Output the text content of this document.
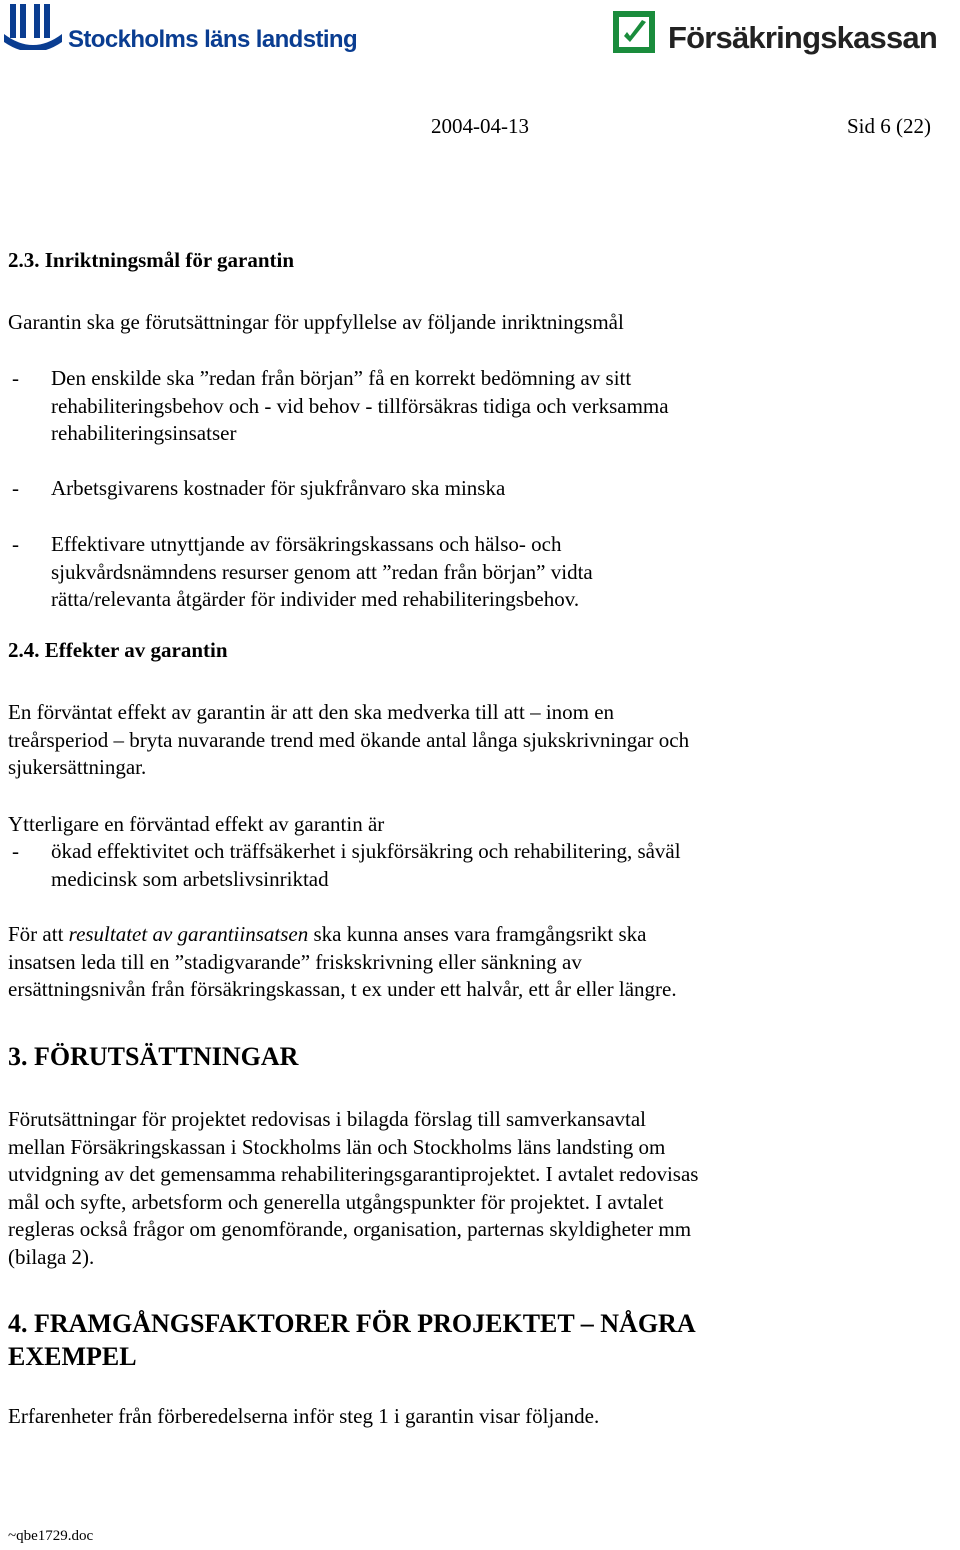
Stockholms läns landsting	Försäkringskassan
2004-04-13	Sid 6 (22)
2.3. Inriktningsmål för garantin
Garantin ska ge förutsättningar för uppfyllelse av följande inriktningsmål
- Den enskilde ska ”redan från början” få en korrekt bedömning av sitt
rehabiliteringsbehov och - vid behov - tillförsäkras tidiga och verksamma
rehabiliteringsinsatser
- Arbetsgivarens kostnader för sjukfrånvaro ska minska
- Effektivare utnyttjande av försäkringskassans och hälso- och
sjukvårdsnämndens resurser genom att ”redan från början” vidta
rätta/relevanta åtgärder för individer med rehabiliteringsbehov.
2.4. Effekter av garantin
En förväntat effekt av garantin är att den ska medverka till att – inom en
treårsperiod – bryta nuvarande trend med ökande antal långa sjukskrivningar och
sjukersättningar.
Ytterligare en förväntad effekt av garantin är
- ökad effektivitet och träffsäkerhet i sjukförsäkring och rehabilitering, såväl
medicinsk som arbetslivsinriktad
För att resultatet av garantiinsatsen ska kunna anses vara framgångsrikt ska
insatsen leda till en ”stadigvarande” friskskrivning eller sänkning av
ersättningsnivån från försäkringskassan, t ex under ett halvår, ett år eller längre.
3. FÖRUTSÄTTNINGAR
Förutsättningar för projektet redovisas i bilagda förslag till samverkansavtal
mellan Försäkringskassan i Stockholms län och Stockholms läns landsting om
utvidgning av det gemensamma rehabiliteringsgarantiprojektet. I avtalet redovisas
mål och syfte, arbetsform och generella utgångspunkter för projektet. I avtalet
regleras också frågor om genomförande, organisation, parternas skyldigheter mm
(bilaga 2).
4. FRAMGÅNGSFAKTORER FÖR PROJEKTET – NÅGRA
EXEMPEL
Erfarenheter från förberedelserna inför steg 1 i garantin visar följande.
~qbe1729.doc
